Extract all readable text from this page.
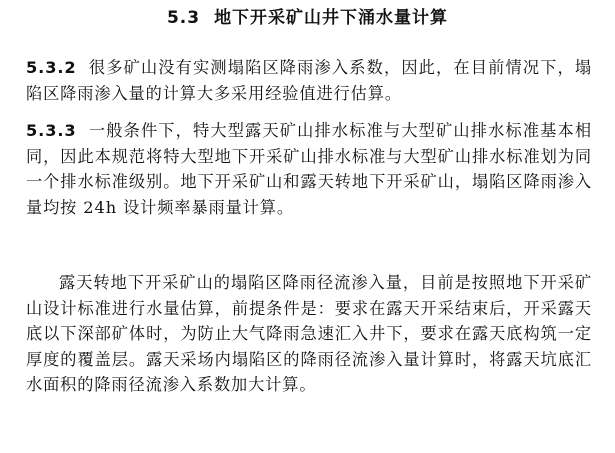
5.3 地下开采矿山井下涌水量计算

5.3.2 很多矿山没有实测塌陷区降雨渗入系数，因此，在目前情况下，塌陷区降雨渗入量的计算大多采用经验值进行估算。

5.3.3 一般条件下，特大型露天矿山排水标准与大型矿山排水标准基本相同，因此本规范将特大型地下开采矿山排水标准与大型矿山排水标准划为同一个排水标准级别。地下开采矿山和露天转地下开采矿山，塌陷区降雨渗入量均按 24h 设计频率暴雨量计算。

露天转地下开采矿山的塌陷区降雨径流渗入量，目前是按照地下开采矿山设计标准进行水量估算，前提条件是：要求在露天开采结束后，开采露天底以下深部矿体时，为防止大气降雨急速汇入井下，要求在露天底构筑一定厚度的覆盖层。露天采场内塌陷区的降雨径流渗入量计算时，将露天坑底汇水面积的降雨径流渗入系数加大计算。
